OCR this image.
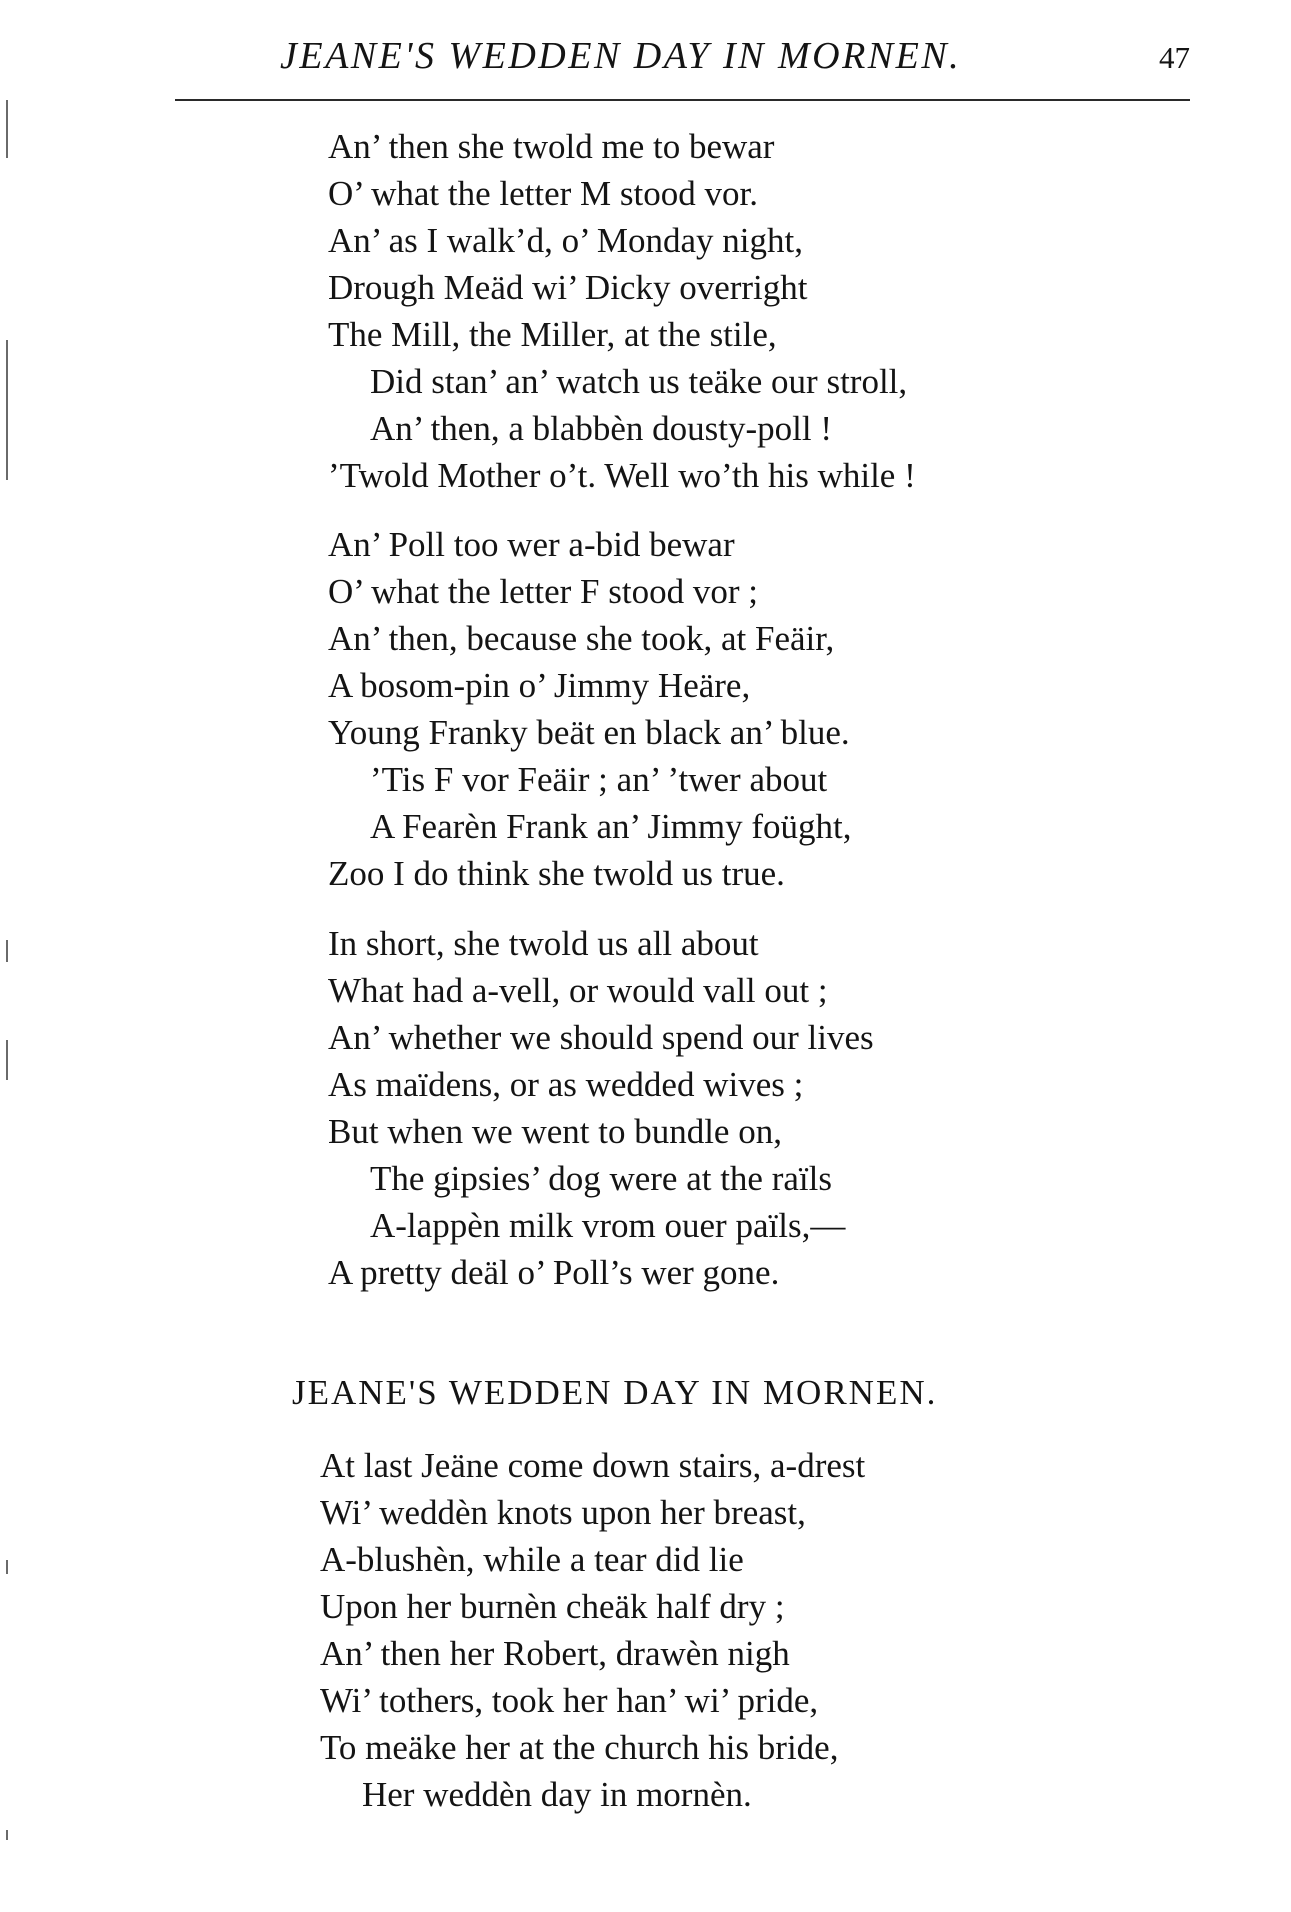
JEANE'S WEDDEN DAY IN MORNEN.	47
An’ then she twold me to bewar
O’ what the letter M stood vor.
An’ as I walk’d, o’ Monday night,
Drough Meäd wi’ Dicky overright
The Mill, the Miller, at the stile,
Did stan’ an’ watch us teäke our stroll,
An’ then, a blabbèn dousty-poll !
’Twold Mother o’t. Well wo’th his while !
An’ Poll too wer a-bid bewar
O’ what the letter F stood vor ;
An’ then, because she took, at Feäir,
A bosom-pin o’ Jimmy Heäre,
Young Franky beät en black an’ blue.
’Tis F vor Feäir ; an’ ’twer about
A Fearèn Frank an’ Jimmy foüght,
Zoo I do think she twold us true.
In short, she twold us all about
What had a-vell, or would vall out ;
An’ whether we should spend our lives
As maïdens, or as wedded wives ;
But when we went to bundle on,
The gipsies’ dog were at the raïls
A-lappèn milk vrom ouer païls,—
A pretty deäl o’ Poll’s wer gone.
JEANE'S WEDDEN DAY IN MORNEN.
At last Jeäne come down stairs, a-drest
Wi’ weddèn knots upon her breast,
A-blushèn, while a tear did lie
Upon her burnèn cheäk half dry ;
An’ then her Robert, drawèn nigh
Wi’ tothers, took her han’ wi’ pride,
To meäke her at the church his bride,
Her weddèn day in mornèn.
